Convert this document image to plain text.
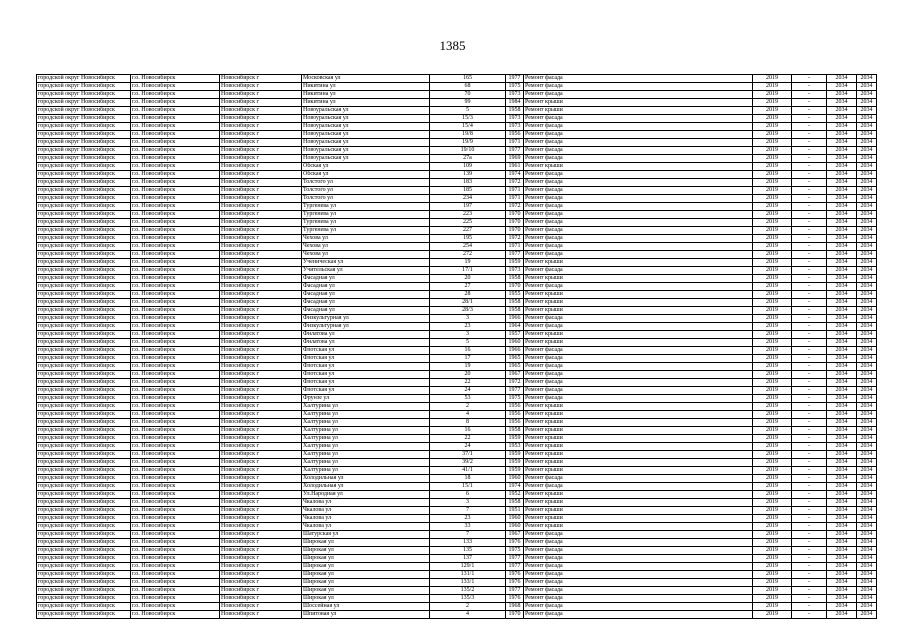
1385
городской округ Новосибирск	г.о. Новосибирск	Новосибирск г	Московская ул	165	1977	Ремонт фасада	2019	-	2034	2034
городской округ Новосибирск	г.о. Новосибирск	Новосибирск г	Никитина ул	68	1975	Ремонт фасада	2019	-	2034	2034
городской округ Новосибирск	г.о. Новосибирск	Новосибирск г	Никитина ул	70	1973	Ремонт фасада	2019	-	2034	2034
городской округ Новосибирск	г.о. Новосибирск	Новосибирск г	Никитина ул	99	1984	Ремонт крыши	2019	-	2034	2034
городской округ Новосибирск	г.о. Новосибирск	Новосибирск г	Новоуральская ул	5	1958	Ремонт крыши	2019	-	2034	2034
городской округ Новосибирск	г.о. Новосибирск	Новосибирск г	Новоуральская ул	15/3	1973	Ремонт фасада	2019	-	2034	2034
городской округ Новосибирск	г.о. Новосибирск	Новосибирск г	Новоуральская ул	15/4	1973	Ремонт фасада	2019	-	2034	2034
городской округ Новосибирск	г.о. Новосибирск	Новосибирск г	Новоуральская ул	19/8	1956	Ремонт фасада	2019	-	2034	2034
городской округ Новосибирск	г.о. Новосибирск	Новосибирск г	Новоуральская ул	19/9	1971	Ремонт фасада	2019	-	2034	2034
городской округ Новосибирск	г.о. Новосибирск	Новосибирск г	Новоуральская ул	19/10	1977	Ремонт фасада	2019	-	2034	2034
городской округ Новосибирск	г.о. Новосибирск	Новосибирск г	Новоуральская ул	27а	1969	Ремонт фасада	2019	-	2034	2034
городской округ Новосибирск	г.о. Новосибирск	Новосибирск г	Обская ул	109	1961	Ремонт крыши	2019	-	2034	2034
городской округ Новосибирск	г.о. Новосибирск	Новосибирск г	Обская ул	139	1974	Ремонт фасада	2019	-	2034	2034
городской округ Новосибирск	г.о. Новосибирск	Новосибирск г	Толстого ул	183	1972	Ремонт фасада	2019	-	2034	2034
городской округ Новосибирск	г.о. Новосибирск	Новосибирск г	Толстого ул	185	1971	Ремонт фасада	2019	-	2034	2034
городской округ Новосибирск	г.о. Новосибирск	Новосибирск г	Толстого ул	234	1971	Ремонт фасада	2019	-	2034	2034
городской округ Новосибирск	г.о. Новосибирск	Новосибирск г	Тургенева ул	197	1972	Ремонт фасада	2019	-	2034	2034
городской округ Новосибирск	г.о. Новосибирск	Новосибирск г	Тургенева ул	223	1970	Ремонт фасада	2019	-	2034	2034
городской округ Новосибирск	г.о. Новосибирск	Новосибирск г	Тургенева ул	225	1970	Ремонт фасада	2019	-	2034	2034
городской округ Новосибирск	г.о. Новосибирск	Новосибирск г	Тургенева ул	227	1970	Ремонт фасада	2019	-	2034	2034
городской округ Новосибирск	г.о. Новосибирск	Новосибирск г	Чехова ул	195	1972	Ремонт фасада	2019	-	2034	2034
городской округ Новосибирск	г.о. Новосибирск	Новосибирск г	Чехова ул	254	1971	Ремонт фасада	2019	-	2034	2034
городской округ Новосибирск	г.о. Новосибирск	Новосибирск г	Чехова ул	272	1977	Ремонт фасада	2019	-	2034	2034
городской округ Новосибирск	г.о. Новосибирск	Новосибирск г	Ученическая ул	19	1959	Ремонт крыши	2019	-	2034	2034
городской округ Новосибирск	г.о. Новосибирск	Новосибирск г	Учительская ул	17/1	1973	Ремонт фасада	2019	-	2034	2034
городской округ Новосибирск	г.о. Новосибирск	Новосибирск г	Фасадная ул	20	1958	Ремонт крыши	2019	-	2034	2034
городской округ Новосибирск	г.о. Новосибирск	Новосибирск г	Фасадная ул	27	1970	Ремонт фасада	2019	-	2034	2034
городской округ Новосибирск	г.о. Новосибирск	Новосибирск г	Фасадная ул	28	1955	Ремонт крыши	2019	-	2034	2034
городской округ Новосибирск	г.о. Новосибирск	Новосибирск г	Фасадная ул	28/1	1958	Ремонт крыши	2019	-	2034	2034
городской округ Новосибирск	г.о. Новосибирск	Новосибирск г	Фасадная ул	28/3	1958	Ремонт крыши	2019	-	2034	2034
городской округ Новосибирск	г.о. Новосибирск	Новосибирск г	Физкультурная ул	3	1966	Ремонт фасада	2019	-	2034	2034
городской округ Новосибирск	г.о. Новосибирск	Новосибирск г	Физкультурная ул	23	1964	Ремонт фасада	2019	-	2034	2034
городской округ Новосибирск	г.о. Новосибирск	Новосибирск г	Филатова ул	3	1957	Ремонт крыши	2019	-	2034	2034
городской округ Новосибирск	г.о. Новосибирск	Новосибирск г	Филатова ул	5	1960	Ремонт крыши	2019	-	2034	2034
городской округ Новосибирск	г.о. Новосибирск	Новосибирск г	Флотская ул	16	1966	Ремонт фасада	2019	-	2034	2034
городской округ Новосибирск	г.о. Новосибирск	Новосибирск г	Флотская ул	17	1965	Ремонт фасада	2019	-	2034	2034
городской округ Новосибирск	г.о. Новосибирск	Новосибирск г	Флотская ул	19	1965	Ремонт фасада	2019	-	2034	2034
городской округ Новосибирск	г.о. Новосибирск	Новосибирск г	Флотская ул	20	1967	Ремонт фасада	2019	-	2034	2034
городской округ Новосибирск	г.о. Новосибирск	Новосибирск г	Флотская ул	22	1972	Ремонт фасада	2019	-	2034	2034
городской округ Новосибирск	г.о. Новосибирск	Новосибирск г	Флотская ул	24	1977	Ремонт фасада	2019	-	2034	2034
городской округ Новосибирск	г.о. Новосибирск	Новосибирск г	Фрунзе ул	53	1975	Ремонт фасада	2019	-	2034	2034
городской округ Новосибирск	г.о. Новосибирск	Новосибирск г	Халтурина ул	2	1956	Ремонт крыши	2019	-	2034	2034
городской округ Новосибирск	г.о. Новосибирск	Новосибирск г	Халтурина ул	4	1956	Ремонт крыши	2019	-	2034	2034
городской округ Новосибирск	г.о. Новосибирск	Новосибирск г	Халтурина ул	8	1956	Ремонт крыши	2019	-	2034	2034
городской округ Новосибирск	г.о. Новосибирск	Новосибирск г	Халтурина ул	16	1958	Ремонт крыши	2019	-	2034	2034
городской округ Новосибирск	г.о. Новосибирск	Новосибирск г	Халтурина ул	22	1959	Ремонт крыши	2019	-	2034	2034
городской округ Новосибирск	г.о. Новосибирск	Новосибирск г	Халтурина ул	24	1953	Ремонт крыши	2019	-	2034	2034
городской округ Новосибирск	г.о. Новосибирск	Новосибирск г	Халтурина ул	37/1	1959	Ремонт крыши	2019	-	2034	2034
городской округ Новосибирск	г.о. Новосибирск	Новосибирск г	Халтурина ул	39/2	1959	Ремонт крыши	2019	-	2034	2034
городской округ Новосибирск	г.о. Новосибирск	Новосибирск г	Халтурина ул	41/1	1959	Ремонт крыши	2019	-	2034	2034
городской округ Новосибирск	г.о. Новосибирск	Новосибирск г	Холодильная ул	18	1960	Ремонт фасада	2019	-	2034	2034
городской округ Новосибирск	г.о. Новосибирск	Новосибирск г	Холодильная ул	15/1	1974	Ремонт фасада	2019	-	2034	2034
городской округ Новосибирск	г.о. Новосибирск	Новосибирск г	Ул.Народная ул	6	1952	Ремонт крыши	2019	-	2034	2034
городской округ Новосибирск	г.о. Новосибирск	Новосибирск г	Чкалова ул	3	1958	Ремонт крыши	2019	-	2034	2034
городской округ Новосибирск	г.о. Новосибирск	Новосибирск г	Чкалова ул	7	1951	Ремонт крыши	2019	-	2034	2034
городской округ Новосибирск	г.о. Новосибирск	Новосибирск г	Чкалова ул	23	1960	Ремонт крыши	2019	-	2034	2034
городской округ Новосибирск	г.о. Новосибирск	Новосибирск г	Чкалова ул	33	1960	Ремонт крыши	2019	-	2034	2034
городской округ Новосибирск	г.о. Новосибирск	Новосибирск г	Шатурская ул	7	1967	Ремонт фасада	2019	-	2034	2034
городской округ Новосибирск	г.о. Новосибирск	Новосибирск г	Широкая ул	133	1976	Ремонт фасада	2019	-	2034	2034
городской округ Новосибирск	г.о. Новосибирск	Новосибирск г	Широкая ул	135	1975	Ремонт фасада	2019	-	2034	2034
городской округ Новосибирск	г.о. Новосибирск	Новосибирск г	Широкая ул	137	1977	Ремонт фасада	2019	-	2034	2034
городской округ Новосибирск	г.о. Новосибирск	Новосибирск г	Широкая ул	129/1	1977	Ремонт фасада	2019	-	2034	2034
городской округ Новосибирск	г.о. Новосибирск	Новосибирск г	Широкая ул	131/1	1976	Ремонт фасада	2019	-	2034	2034
городской округ Новосибирск	г.о. Новосибирск	Новосибирск г	Широкая ул	133/1	1976	Ремонт фасада	2019	-	2034	2034
городской округ Новосибирск	г.о. Новосибирск	Новосибирск г	Широкая ул	135/2	1977	Ремонт фасада	2019	-	2034	2034
городской округ Новосибирск	г.о. Новосибирск	Новосибирск г	Широкая ул	135/3	1976	Ремонт фасада	2019	-	2034	2034
городской округ Новосибирск	г.о. Новосибирск	Новосибирск г	Шоссейная ул	2	1968	Ремонт фасада	2019	-	2034	2034
городской округ Новосибирск	г.о. Новосибирск	Новосибирск г	Шпитовая ул	4	1970	Ремонт фасада	2019	-	2034	2034
